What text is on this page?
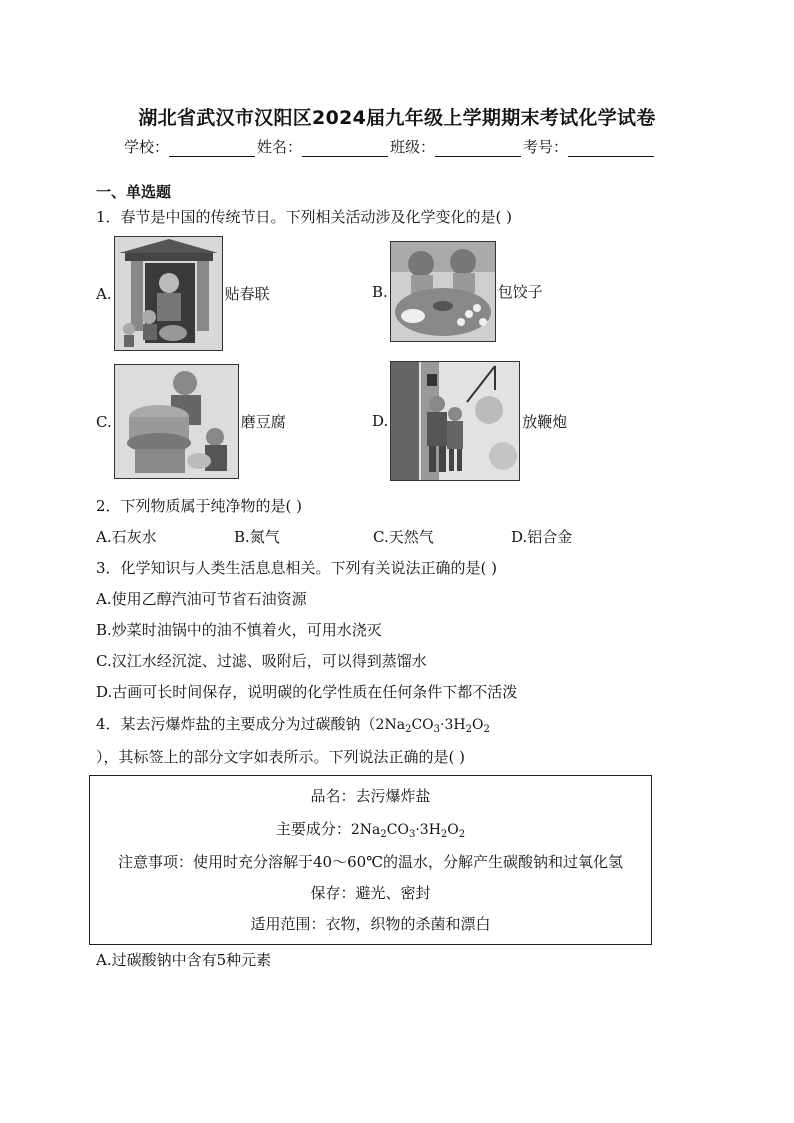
湖北省武汉市汉阳区2024届九年级上学期期末考试化学试卷
学校：	姓名：	班级：	考号：
一、单选题
1．春节是中国的传统节日。下列相关活动涉及化学变化的是( )
A.	贴春联	B.	包饺子
C.	磨豆腐	D.	放鞭炮
2．下列物质属于纯净物的是( )
A.石灰水	B.氮气	C.天然气	D.铝合金
3．化学知识与人类生活息息相关。下列有关说法正确的是( )
A.使用乙醇汽油可节省石油资源
B.炒菜时油锅中的油不慎着火，可用水浇灭
C.汉江水经沉淀、过滤、吸附后，可以得到蒸馏水
D.古画可长时间保存，说明碳的化学性质在任何条件下都不活泼
4．某去污爆炸盐的主要成分为过碳酸钠（$2Na_2CO_3\cdot 3H_2O_2$
），其标签上的部分文字如表所示。下列说法正确的是( )
品名：去污爆炸盐
主要成分：$2Na_2CO_3\cdot 3H_2O_2$
注意事项：使用时充分溶解于40～60℃的温水，分解产生碳酸钠和过氧化氢
保存：避光、密封
适用范围：衣物，织物的杀菌和漂白
A.过碳酸钠中含有5种元素
